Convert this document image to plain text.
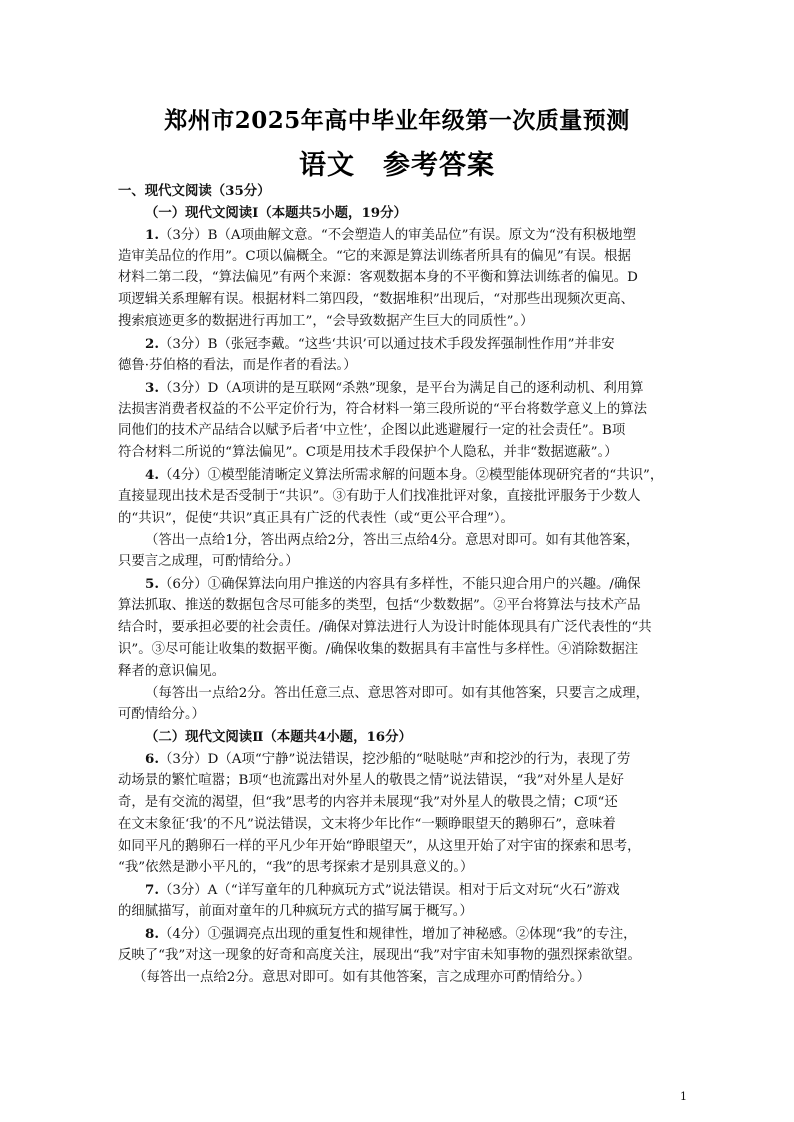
郑州市2025年高中毕业年级第一次质量预测
语文　参考答案
一、现代文阅读（35分）
（一）现代文阅读Ⅰ（本题共5小题，19分）
1.（3分）B（A项曲解文意。“不会塑造人的审美品位”有误。原文为“没有积极地塑
造审美品位的作用”。C项以偏概全。“它的来源是算法训练者所具有的偏见”有误。根据
材料二第二段，“算法偏见”有两个来源：客观数据本身的不平衡和算法训练者的偏见。D
项逻辑关系理解有误。根据材料二第四段，“数据堆积”出现后，“对那些出现频次更高、
搜索痕迹更多的数据进行再加工”，“会导致数据产生巨大的同质性”。）
2.（3分）B（张冠李戴。“这些‘共识’可以通过技术手段发挥强制性作用”并非安
德鲁·芬伯格的看法，而是作者的看法。）
3.（3分）D（A项讲的是互联网“杀熟”现象，是平台为满足自己的逐利动机、利用算
法损害消费者权益的不公平定价行为，符合材料一第三段所说的“平台将数学意义上的算法
同他们的技术产品结合以赋予后者‘中立性’，企图以此逃避履行一定的社会责任”。B项
符合材料二所说的“算法偏见”。C项是用技术手段保护个人隐私，并非“数据遮蔽”。）
4.（4分）①模型能清晰定义算法所需求解的问题本身。②模型能体现研究者的“共识”，
直接显现出技术是否受制于“共识”。③有助于人们找准批评对象，直接批评服务于少数人
的“共识”，促使“共识”真正具有广泛的代表性（或“更公平合理”）。
（答出一点给1分，答出两点给2分，答出三点给4分。意思对即可。如有其他答案，
只要言之成理，可酌情给分。）
5.（6分）①确保算法向用户推送的内容具有多样性，不能只迎合用户的兴趣。/确保
算法抓取、推送的数据包含尽可能多的类型，包括“少数数据”。②平台将算法与技术产品
结合时，要承担必要的社会责任。/确保对算法进行人为设计时能体现具有广泛代表性的“共
识”。③尽可能让收集的数据平衡。/确保收集的数据具有丰富性与多样性。④消除数据注
释者的意识偏见。
（每答出一点给2分。答出任意三点、意思答对即可。如有其他答案，只要言之成理，
可酌情给分。）
（二）现代文阅读Ⅱ（本题共4小题，16分）
6.（3分）D（A项“宁静”说法错误，挖沙船的“哒哒哒”声和挖沙的行为，表现了劳
动场景的繁忙喧嚣；B项“也流露出对外星人的敬畏之情”说法错误，“我”对外星人是好
奇，是有交流的渴望，但“我”思考的内容并未展现“我”对外星人的敬畏之情；C项“还
在文末象征‘我’的不凡”说法错误，文末将少年比作“一颗睁眼望天的鹅卵石”，意味着
如同平凡的鹅卵石一样的平凡少年开始“睁眼望天”，从这里开始了对宇宙的探索和思考，
“我”依然是渺小平凡的，“我”的思考探索才是别具意义的。）
7.（3分）A（“详写童年的几种疯玩方式”说法错误。相对于后文对玩“火石”游戏
的细腻描写，前面对童年的几种疯玩方式的描写属于概写。）
8.（4分）①强调亮点出现的重复性和规律性，增加了神秘感。②体现“我”的专注，
反映了“我”对这一现象的好奇和高度关注，展现出“我”对宇宙未知事物的强烈探索欲望。
（每答出一点给2分。意思对即可。如有其他答案，言之成理亦可酌情给分。）
1
